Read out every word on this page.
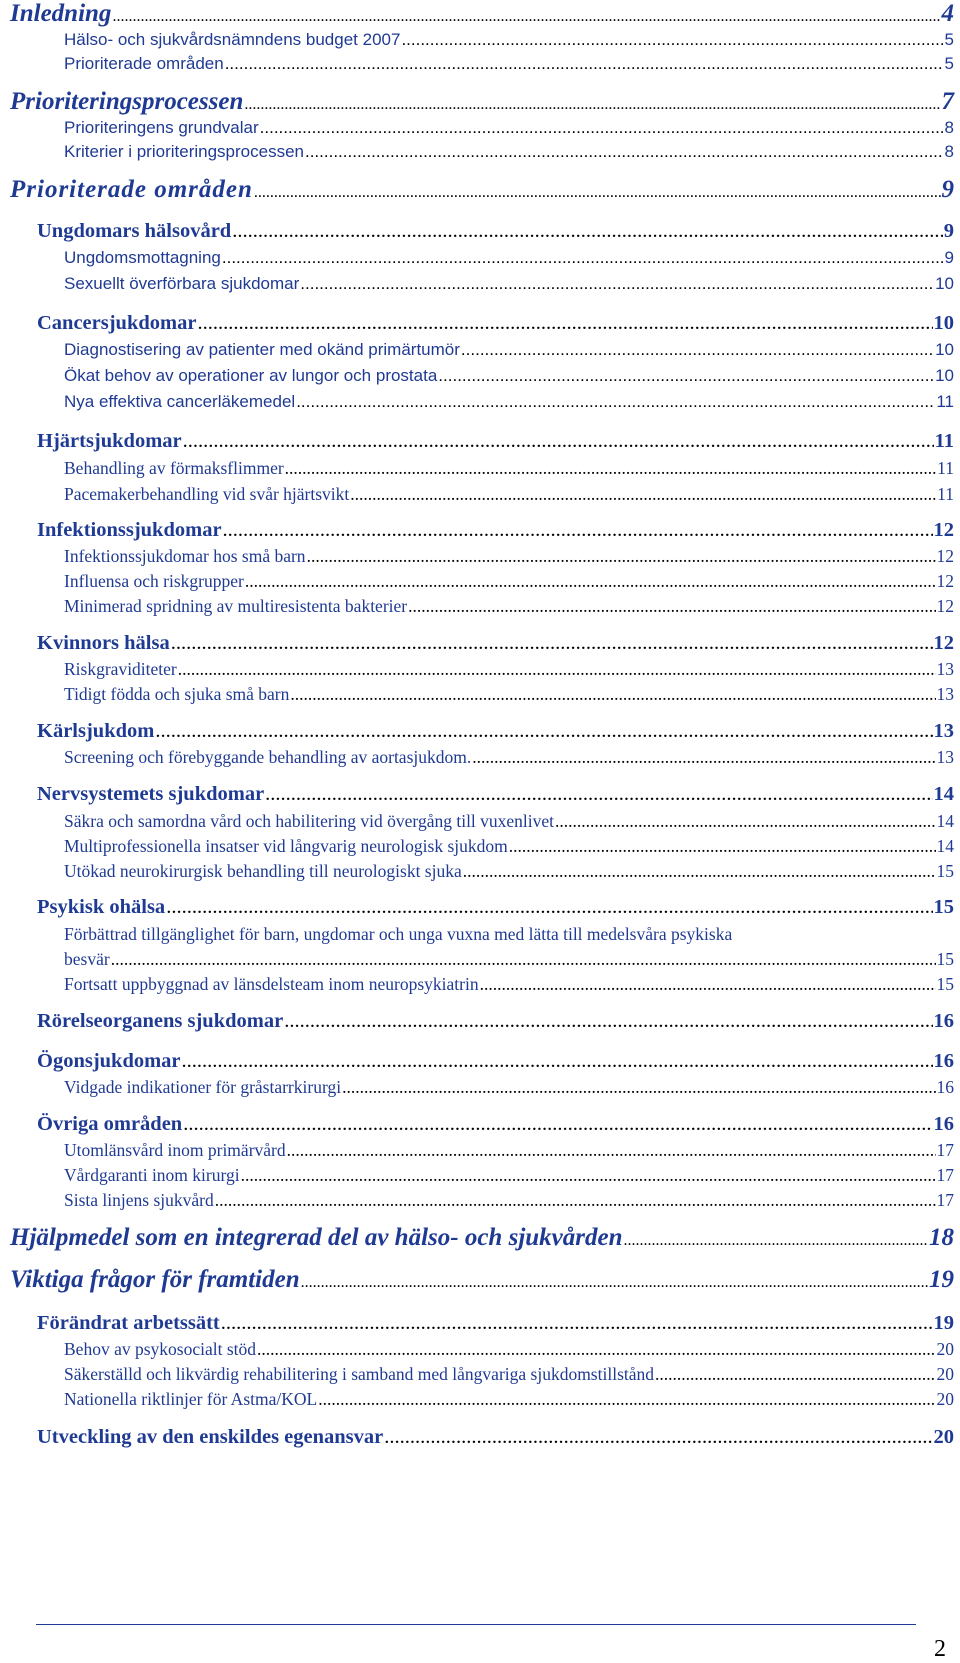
Inledning .....	4
Hälso- och sjukvårdsnämndens budget 2007 .....	5
Prioriterade områden .....	5
Prioriteringsprocessen .....	7
Prioriteringens grundvalar .....	8
Kriterier i prioriteringsprocessen .....	8
Prioriterade områden .....	9
Ungdomars hälsovård .....	9
Ungdomsmottagning .....	9
Sexuellt överförbara sjukdomar .....	10
Cancersjukdomar .....	10
Diagnostisering av patienter med okänd primärtumör .....	10
Ökat behov av operationer av lungor och prostata .....	10
Nya effektiva cancerläkemedel .....	11
Hjärtsjukdomar .....	11
Behandling av förmaksflimmer .....	11
Pacemakerbehandling vid svår hjärtsvikt .....	11
Infektionssjukdomar .....	12
Infektionssjukdomar hos små barn .....	12
Influensa och riskgrupper .....	12
Minimerad spridning av multiresistenta bakterier .....	12
Kvinnors hälsa .....	12
Riskgraviditeter .....	13
Tidigt födda och sjuka små barn .....	13
Kärlsjukdom .....	13
Screening och förebyggande behandling av aortasjukdom. .....	13
Nervsystemets sjukdomar .....	14
Säkra och samordna vård och habilitering vid övergång till vuxenlivet .....	14
Multiprofessionella insatser vid långvarig neurologisk sjukdom .....	14
Utökad neurokirurgisk behandling till neurologiskt sjuka .....	15
Psykisk ohälsa .....	15
Förbättrad tillgänglighet för barn, ungdomar och unga vuxna med lätta till medelsvåra psykiska
besvär .....	15
Fortsatt uppbyggnad av länsdelsteam inom neuropsykiatrin .....	15
Rörelseorganens sjukdomar .....	16
Ögonsjukdomar .....	16
Vidgade indikationer för gråstarrkirurgi .....	16
Övriga områden .....	16
Utomlänsvård inom primärvård .....	17
Vårdgaranti inom kirurgi .....	17
Sista linjens sjukvård .....	17
Hjälpmedel som en integrerad del av hälso- och sjukvården .....	18
Viktiga frågor för framtiden .....	19
Förändrat arbetssätt .....	19
Behov av psykosocialt stöd .....	20
Säkerställd och likvärdig rehabilitering i samband med långvariga sjukdomstillstånd .....	20
Nationella riktlinjer för Astma/KOL .....	20
Utveckling av den enskildes egenansvar .....	20
2
